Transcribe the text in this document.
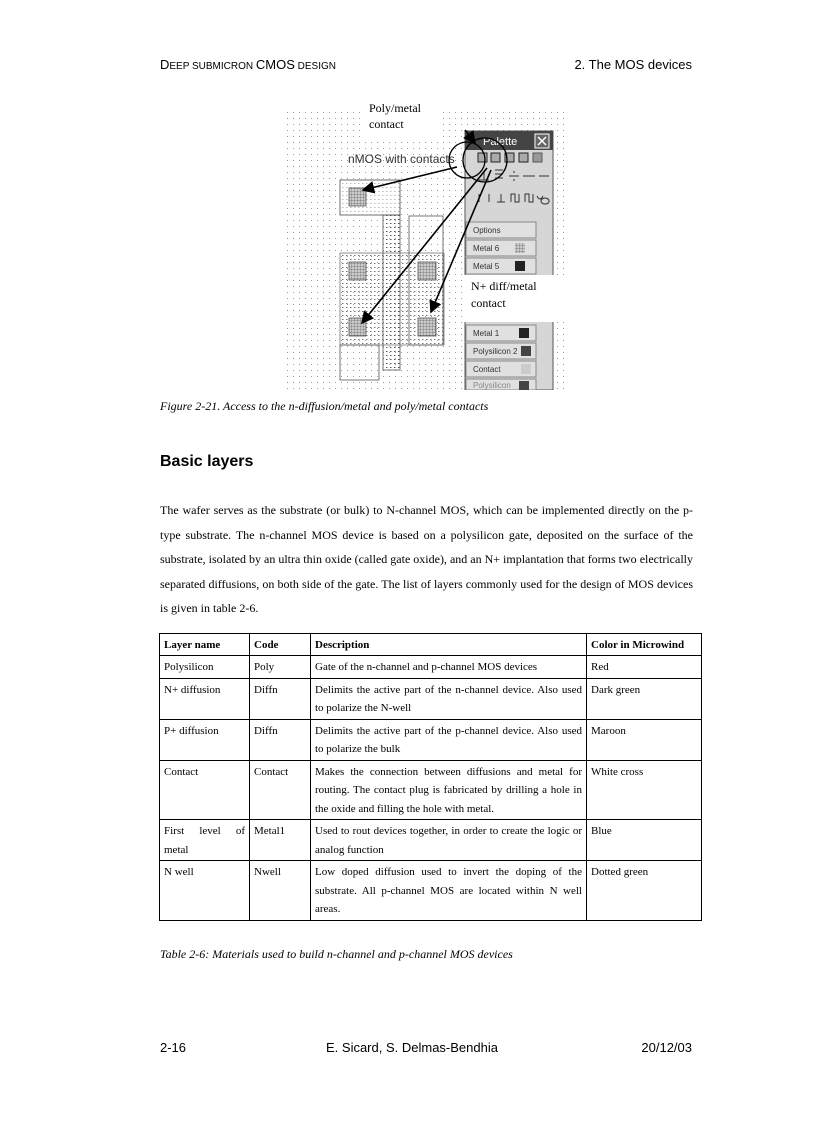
DEEP SUBMICRON CMOS DESIGN	2. The MOS devices
Palette
Options
Metal 6
Metal 5
Metal 1
Polysilicon 2
Contact
Polysilicon
N+ diff/metal
contact
nMOS with contacts
Poly/metal
contact
Figure 2-21. Access to the n-diffusion/metal and poly/metal contacts
Basic layers
The wafer serves as the substrate (or bulk) to N-channel MOS, which can be implemented directly on the p-type substrate. The n-channel MOS device is based on a polysilicon gate, deposited on the surface of the substrate, isolated by an ultra thin oxide (called gate oxide), and an N+ implantation that forms two electrically separated diffusions, on both side of the gate. The list of layers commonly used for the design of MOS devices is given in table 2-6.
Layer name	Code	Description	Color in Microwind
Polysilicon	Poly	Gate of the n-channel and p-channel MOS devices	Red
N+ diffusion	Diffn	Delimits the active part of the n-channel device. Also used to polarize the N-well	Dark green
P+ diffusion	Diffn	Delimits the active part of the p-channel device. Also used to polarize the bulk	Maroon
Contact	Contact	Makes the connection between diffusions and metal for routing. The contact plug is fabricated by drilling a hole in the oxide and filling the hole with metal.	White cross
First level of metal	Metal1	Used to rout devices together, in order to create the logic or analog function	Blue
N well	Nwell	Low doped diffusion used to invert the doping of the substrate. All p-channel MOS are located within N well areas.	Dotted green
Table 2-6: Materials used to build n-channel and p-channel MOS devices
2-16	E. Sicard, S. Delmas-Bendhia	20/12/03
